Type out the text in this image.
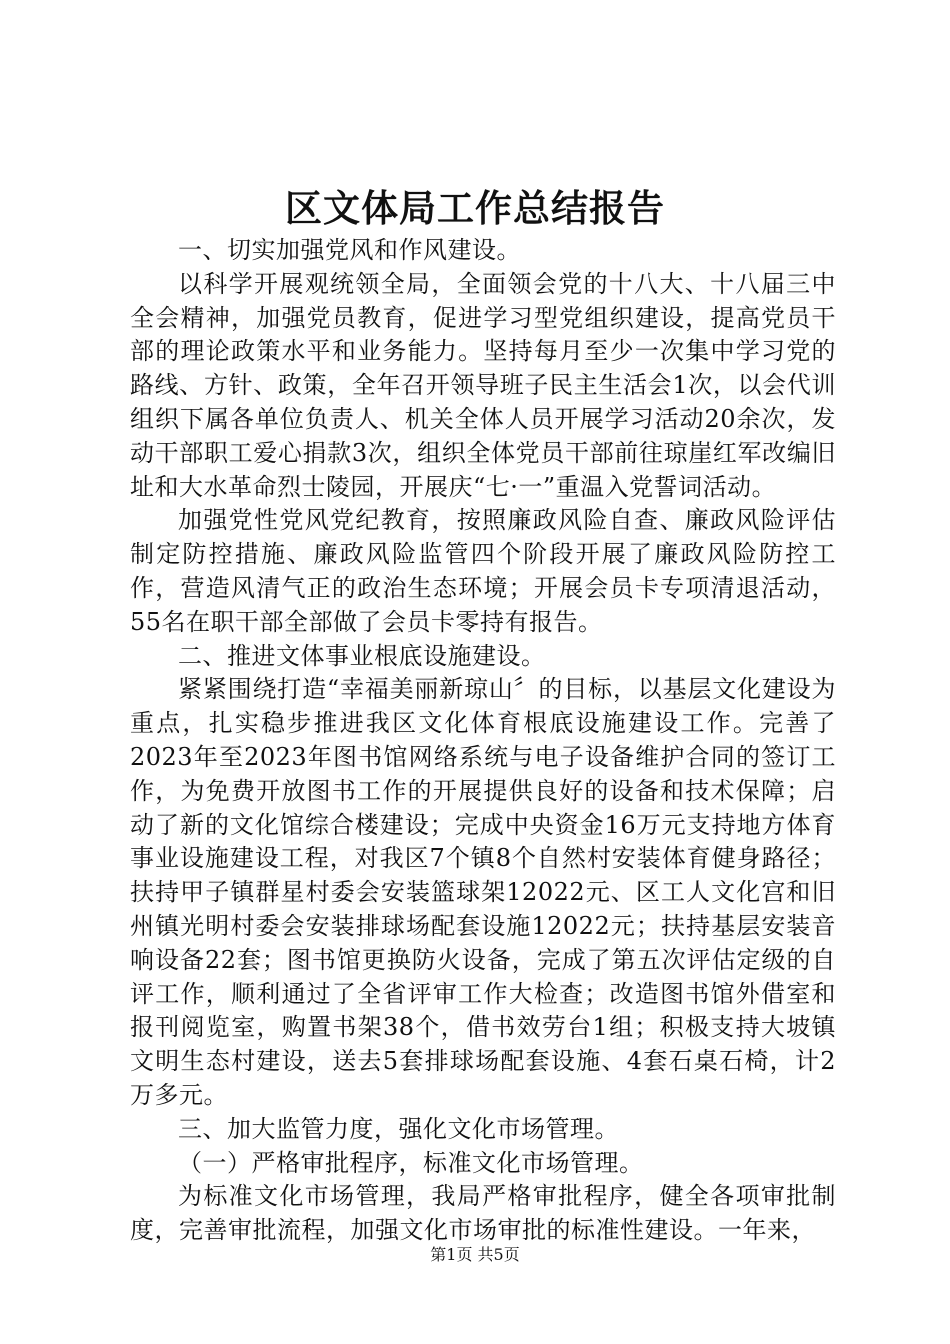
区文体局工作总结报告

一、切实加强党风和作风建设。

以科学开展观统领全局，全面领会党的十八大、十八届三中全会精神，加强党员教育，促进学习型党组织建设，提高党员干部的理论政策水平和业务能力。坚持每月至少一次集中学习党的路线、方针、政策，全年召开领导班子民主生活会1次，以会代训组织下属各单位负责人、机关全体人员开展学习活动20余次，发动干部职工爱心捐款3次，组织全体党员干部前往琼崖红军改编旧址和大水革命烈士陵园，开展庆“七·一”重温入党誓词活动。

加强党性党风党纪教育，按照廉政风险自查、廉政风险评估制定防控措施、廉政风险监管四个阶段开展了廉政风险防控工作，营造风清气正的政治生态环境；开展会员卡专项清退活动，55名在职干部全部做了会员卡零持有报告。

二、推进文体事业根底设施建设。

紧紧围绕打造“幸福美丽新琼山〞的目标，以基层文化建设为重点，扎实稳步推进我区文化体育根底设施建设工作。完善了2023年至2023年图书馆网络系统与电子设备维护合同的签订工作，为免费开放图书工作的开展提供良好的设备和技术保障；启动了新的文化馆综合楼建设；完成中央资金16万元支持地方体育事业设施建设工程，对我区7个镇8个自然村安装体育健身路径；扶持甲子镇群星村委会安装篮球架12022元、区工人文化宫和旧州镇光明村委会安装排球场配套设施12022元；扶持基层安装音响设备22套；图书馆更换防火设备，完成了第五次评估定级的自评工作，顺利通过了全省评审工作大检查；改造图书馆外借室和报刊阅览室，购置书架38个，借书效劳台1组；积极支持大坡镇文明生态村建设，送去5套排球场配套设施、4套石桌石椅，计2万多元。

三、加大监管力度，强化文化市场管理。

（一）严格审批程序，标准文化市场管理。

为标准文化市场管理，我局严格审批程序，健全各项审批制度，完善审批流程，加强文化市场审批的标准性建设。一年来，

第1页 共5页
